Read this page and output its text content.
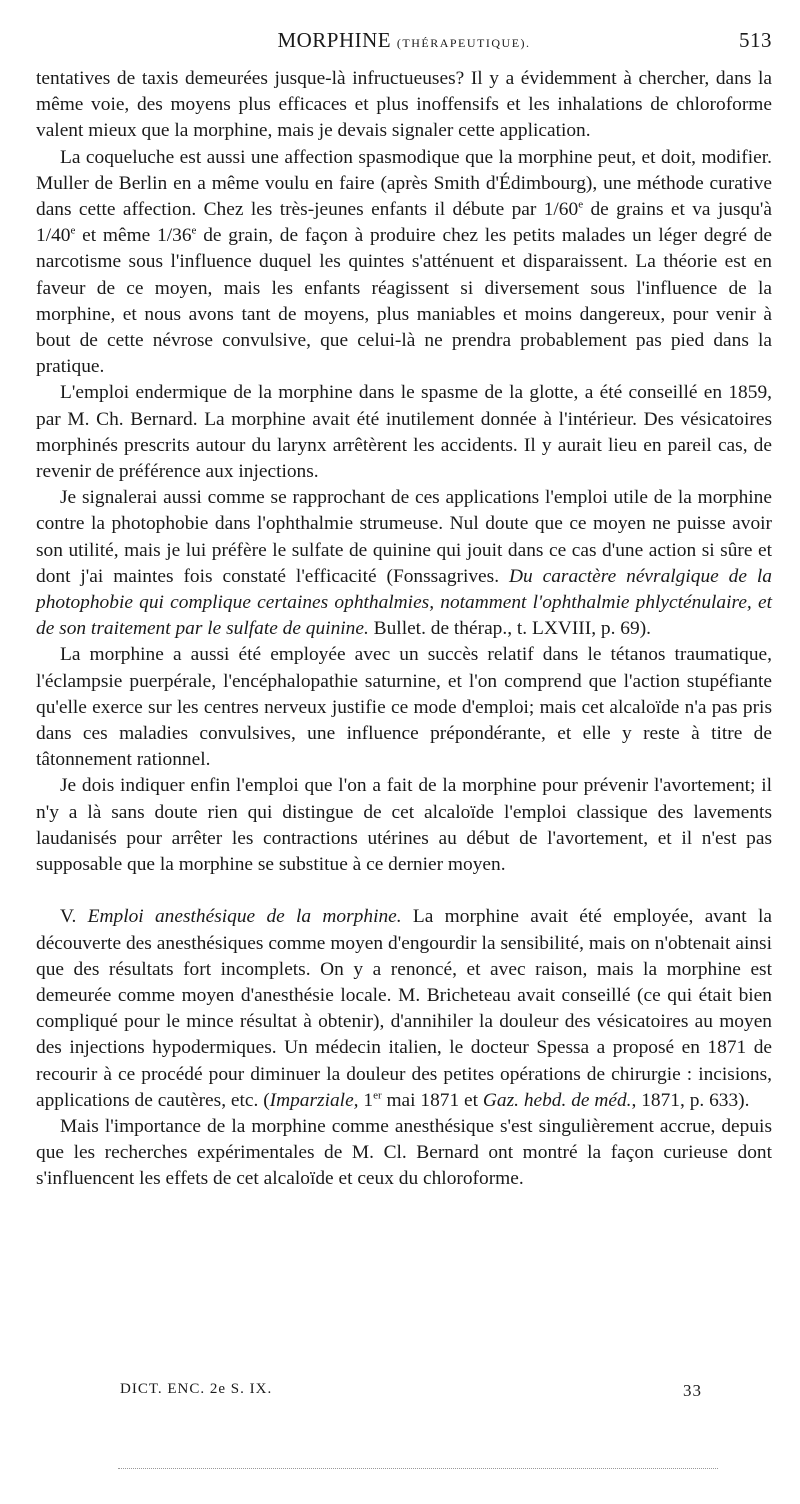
MORPHINE (THÉRAPEUTIQUE).	513

tentatives de taxis demeurées jusque-là infructueuses? Il y a évidemment à chercher, dans la même voie, des moyens plus efficaces et plus inoffensifs et les inhalations de chloroforme valent mieux que la morphine, mais je devais signaler cette application.

La coqueluche est aussi une affection spasmodique que la morphine peut, et doit, modifier. Muller de Berlin en a même voulu en faire (après Smith d'Édimbourg), une méthode curative dans cette affection. Chez les très-jeunes enfants il débute par 1/60e de grains et va jusqu'à 1/40e et même 1/36e de grain, de façon à produire chez les petits malades un léger degré de narcotisme sous l'influence duquel les quintes s'atténuent et disparaissent. La théorie est en faveur de ce moyen, mais les enfants réagissent si diversement sous l'influence de la morphine, et nous avons tant de moyens, plus maniables et moins dangereux, pour venir à bout de cette névrose convulsive, que celui-là ne prendra probablement pas pied dans la pratique.

L'emploi endermique de la morphine dans le spasme de la glotte, a été conseillé en 1859, par M. Ch. Bernard. La morphine avait été inutilement donnée à l'intérieur. Des vésicatoires morphinés prescrits autour du larynx arrêtèrent les accidents. Il y aurait lieu en pareil cas, de revenir de préférence aux injections.

Je signalerai aussi comme se rapprochant de ces applications l'emploi utile de la morphine contre la photophobie dans l'ophthalmie strumeuse. Nul doute que ce moyen ne puisse avoir son utilité, mais je lui préfère le sulfate de quinine qui jouit dans ce cas d'une action si sûre et dont j'ai maintes fois constaté l'efficacité (Fonssagrives. Du caractère névralgique de la photophobie qui complique certaines ophthalmies, notamment l'ophthalmie phlycténulaire, et de son traitement par le sulfate de quinine. Bullet. de thérap., t. LXVIII, p. 69).

La morphine a aussi été employée avec un succès relatif dans le tétanos traumatique, l'éclampsie puerpérale, l'encéphalopathie saturnine, et l'on comprend que l'action stupéfiante qu'elle exerce sur les centres nerveux justifie ce mode d'emploi; mais cet alcaloïde n'a pas pris dans ces maladies convulsives, une influence prépondérante, et elle y reste à titre de tâtonnement rationnel.

Je dois indiquer enfin l'emploi que l'on a fait de la morphine pour prévenir l'avortement; il n'y a là sans doute rien qui distingue de cet alcaloïde l'emploi classique des lavements laudanisés pour arrêter les contractions utérines au début de l'avortement, et il n'est pas supposable que la morphine se substitue à ce dernier moyen.

V. Emploi anesthésique de la morphine. La morphine avait été employée, avant la découverte des anesthésiques comme moyen d'engourdir la sensibilité, mais on n'obtenait ainsi que des résultats fort incomplets. On y a renoncé, et avec raison, mais la morphine est demeurée comme moyen d'anesthésie locale. M. Bricheteau avait conseillé (ce qui était bien compliqué pour le mince résultat à obtenir), d'annihiler la douleur des vésicatoires au moyen des injections hypodermiques. Un médecin italien, le docteur Spessa a proposé en 1871 de recourir à ce procédé pour diminuer la douleur des petites opérations de chirurgie : incisions, applications de cautères, etc. (Imparziale, 1er mai 1871 et Gaz. hebd. de méd., 1871, p. 633).

Mais l'importance de la morphine comme anesthésique s'est singulièrement accrue, depuis que les recherches expérimentales de M. Cl. Bernard ont montré la façon curieuse dont s'influencent les effets de cet alcaloïde et ceux du chloroforme.

DICT. ENC. 2e S. IX.	33
